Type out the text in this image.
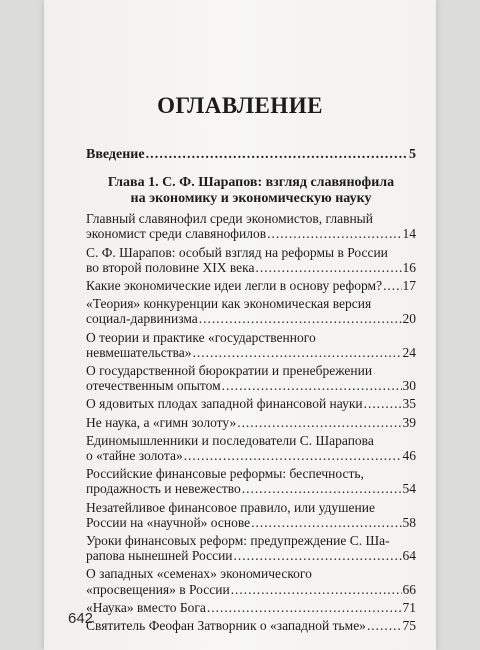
ОГЛАВЛЕНИЕ
Введение . . .	5
Глава 1. С. Ф. Шарапов: взгляд славянофила
на экономику и экономическую науку
Главный славянофил среди экономистов, главный
экономист среди славянофилов . . .	14
С. Ф. Шарапов: особый взгляд на реформы в России
во второй половине XIX века . . .	16
Какие экономические идеи легли в основу реформ? . . . 17
«Теория» конкуренции как экономическая версия
социал-дарвинизма . . .	20
О теории и практике «государственного
невмешательства» . . .	24
О государственной бюрократии и пренебрежении
отечественным опытом . . .	30
О ядовитых плодах западной финансовой науки . . .	35
Не наука, а «гимн золоту» . . .	39
Единомышленники и последователи С. Шарапова
о «тайне золота» . . .	46
Российские финансовые реформы: беспечность,
продажность и невежество . . .	54
Незатейливое финансовое правило, или удушение
России на «научной» основе . . .	58
Уроки финансовых реформ: предупреждение С. Ша-
рапова нынешней России . . .	64
О западных «семенах» экономического
«просвещения» в России . . .	66
«Наука» вместо Бога . . .	71
Святитель Феофан Затворник о «западной тьме» . . .	75
642
